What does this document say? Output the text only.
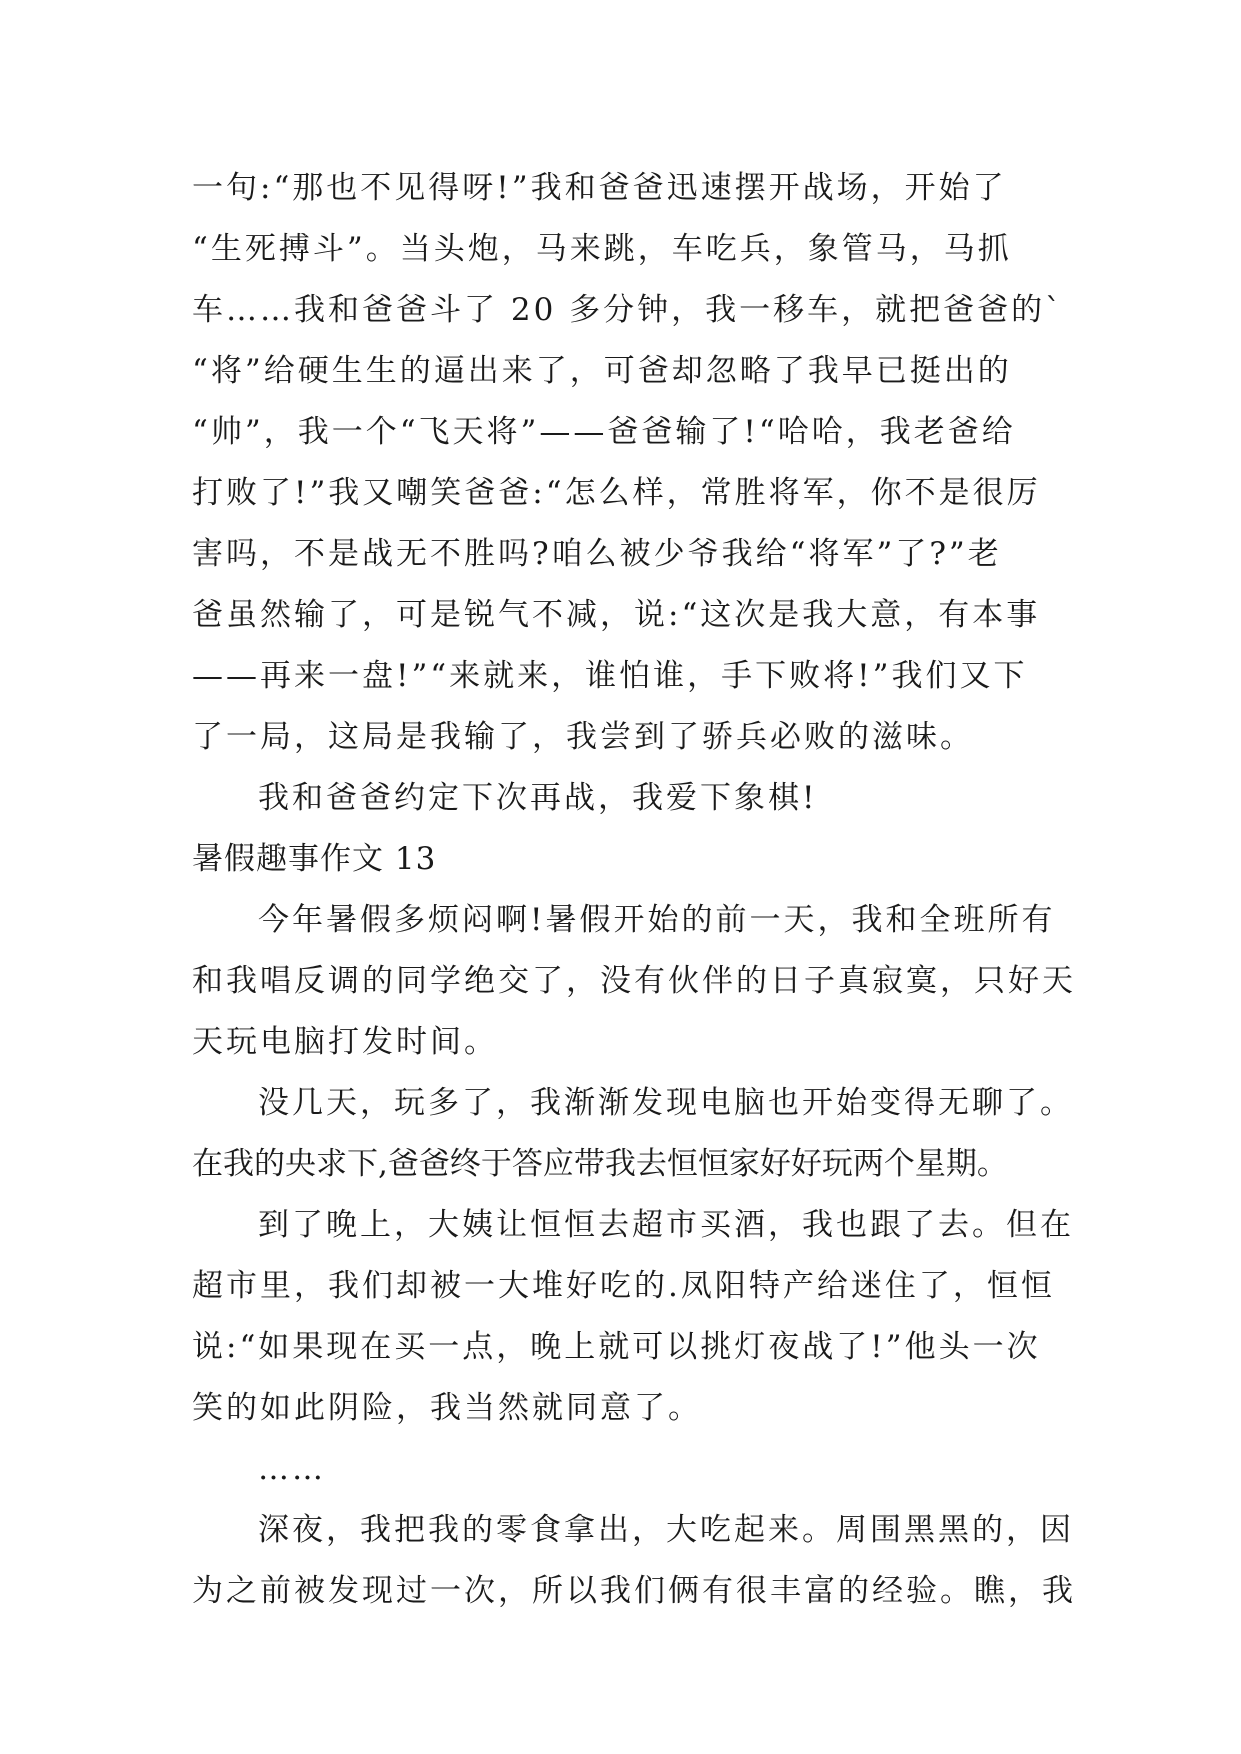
一句:“那也不见得呀!”我和爸爸迅速摆开战场，开始了
“生死搏斗”。当头炮，马来跳，车吃兵，象管马，马抓
车……我和爸爸斗了 20 多分钟，我一移车，就把爸爸的`
“将”给硬生生的逼出来了，可爸却忽略了我早已挺出的
“帅”，我一个“飞天将”——爸爸输了!“哈哈，我老爸给
打败了!”我又嘲笑爸爸:“怎么样，常胜将军，你不是很厉
害吗，不是战无不胜吗?咱么被少爷我给“将军”了?”老
爸虽然输了，可是锐气不减，说:“这次是我大意，有本事
——再来一盘!”“来就来，谁怕谁，手下败将!”我们又下
了一局，这局是我输了，我尝到了骄兵必败的滋味。
我和爸爸约定下次再战，我爱下象棋!
暑假趣事作文 13
今年暑假多烦闷啊!暑假开始的前一天，我和全班所有
和我唱反调的同学绝交了，没有伙伴的日子真寂寞，只好天
天玩电脑打发时间。
没几天，玩多了，我渐渐发现电脑也开始变得无聊了。
在我的央求下,爸爸终于答应带我去恒恒家好好玩两个星期。
到了晚上，大姨让恒恒去超市买酒，我也跟了去。但在
超市里，我们却被一大堆好吃的.凤阳特产给迷住了，恒恒
说:“如果现在买一点，晚上就可以挑灯夜战了!”他头一次
笑的如此阴险，我当然就同意了。
……
深夜，我把我的零食拿出，大吃起来。周围黑黑的，因
为之前被发现过一次，所以我们俩有很丰富的经验。瞧，我
